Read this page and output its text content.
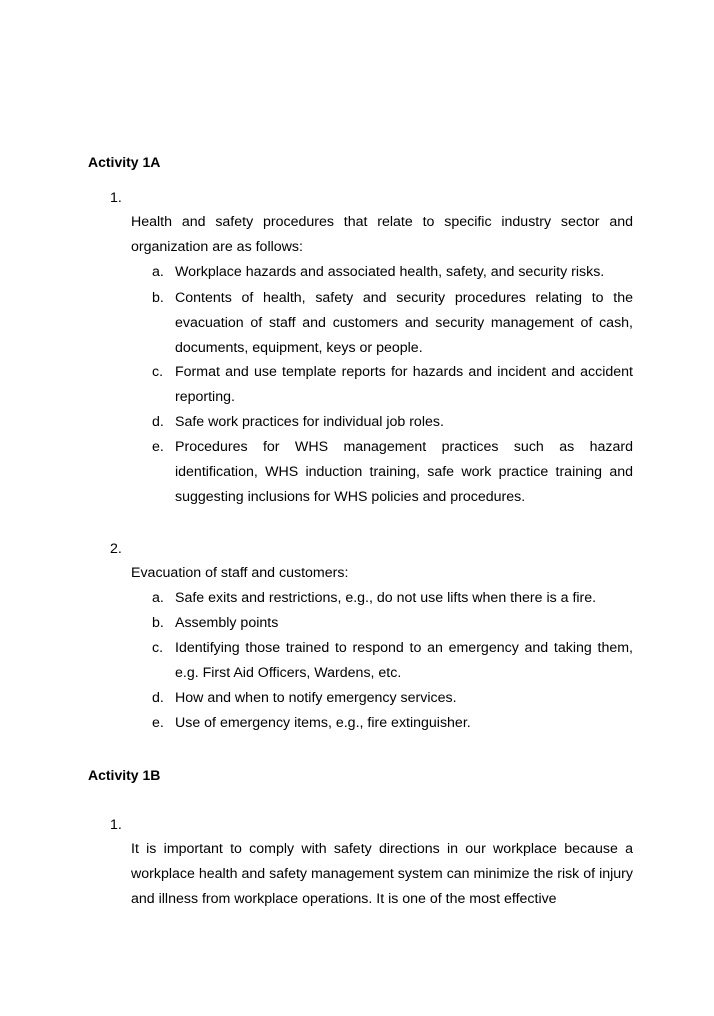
Activity 1A
1.
Health and safety procedures that relate to specific industry sector and organization are as follows:
a. Workplace hazards and associated health, safety, and security risks.
b. Contents of health, safety and security procedures relating to the evacuation of staff and customers and security management of cash, documents, equipment, keys or people.
c. Format and use template reports for hazards and incident and accident reporting.
d. Safe work practices for individual job roles.
e. Procedures for WHS management practices such as hazard identification, WHS induction training, safe work practice training and suggesting inclusions for WHS policies and procedures.
2.
Evacuation of staff and customers:
a. Safe exits and restrictions, e.g., do not use lifts when there is a fire.
b. Assembly points
c. Identifying those trained to respond to an emergency and taking them, e.g. First Aid Officers, Wardens, etc.
d. How and when to notify emergency services.
e. Use of emergency items, e.g., fire extinguisher.
Activity 1B
1.
It is important to comply with safety directions in our workplace because a workplace health and safety management system can minimize the risk of injury and illness from workplace operations. It is one of the most effective
